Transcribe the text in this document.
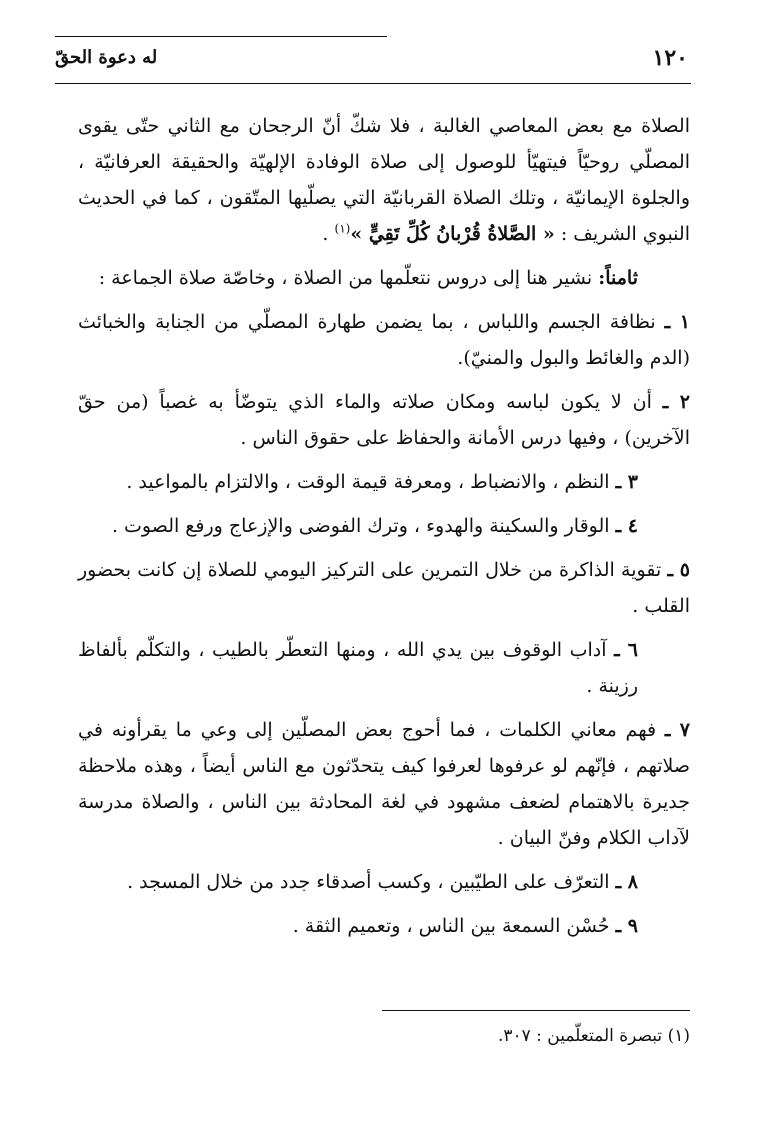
١٢٠
له دعوة الحقّ

الصلاة مع بعض المعاصي الغالبة ، فلا شكّ أنّ الرجحان مع الثاني حتّى يقوى المصلّي روحيّاً فيتهيّأ للوصول إلى صلاة الوفادة الإلهيّة والحقيقة العرفانيّة ، والجلوة الإيمانيّة ، وتلك الصلاة القربانيّة التي يصلّيها المتّقون ، كما في الحديث النبوي الشريف : « الصَّلاةُ قُرْبانُ كُلِّ تَقِيٍّ »$^{(١)}$ .

ثامناً: نشير هنا إلى دروس نتعلّمها من الصلاة ، وخاصّة صلاة الجماعة :

١ ـ نظافة الجسم واللباس ، بما يضمن طهارة المصلّي من الجنابة والخبائث (الدم والغائط والبول والمنيّ).

٢ ـ أن لا يكون لباسه ومكان صلاته والماء الذي يتوضّأ به غصباً (من حقّ الآخرين) ، وفيها درس الأمانة والحفاظ على حقوق الناس .

٣ ـ النظم ، والانضباط ، ومعرفة قيمة الوقت ، والالتزام بالمواعيد .

٤ ـ الوقار والسكينة والهدوء ، وترك الفوضى والإزعاج ورفع الصوت .

٥ ـ تقوية الذاكرة من خلال التمرين على التركيز اليومي للصلاة إن كانت بحضور القلب .

٦ ـ آداب الوقوف بين يدي الله ، ومنها التعطّر بالطيب ، والتكلّم بألفاظ رزينة .

٧ ـ فهم معاني الكلمات ، فما أحوج بعض المصلّين إلى وعي ما يقرأونه في صلاتهم ، فإنّهم لو عرفوها لعرفوا كيف يتحدّثون مع الناس أيضاً ، وهذه ملاحظة جديرة بالاهتمام لضعف مشهود في لغة المحادثة بين الناس ، والصلاة مدرسة لآداب الكلام وفنّ البيان .

٨ ـ التعرّف على الطيّبين ، وكسب أصدقاء جدد من خلال المسجد .

٩ ـ حُسْن السمعة بين الناس ، وتعميم الثقة .

(١) تبصرة المتعلّمين : ٣٠٧.
